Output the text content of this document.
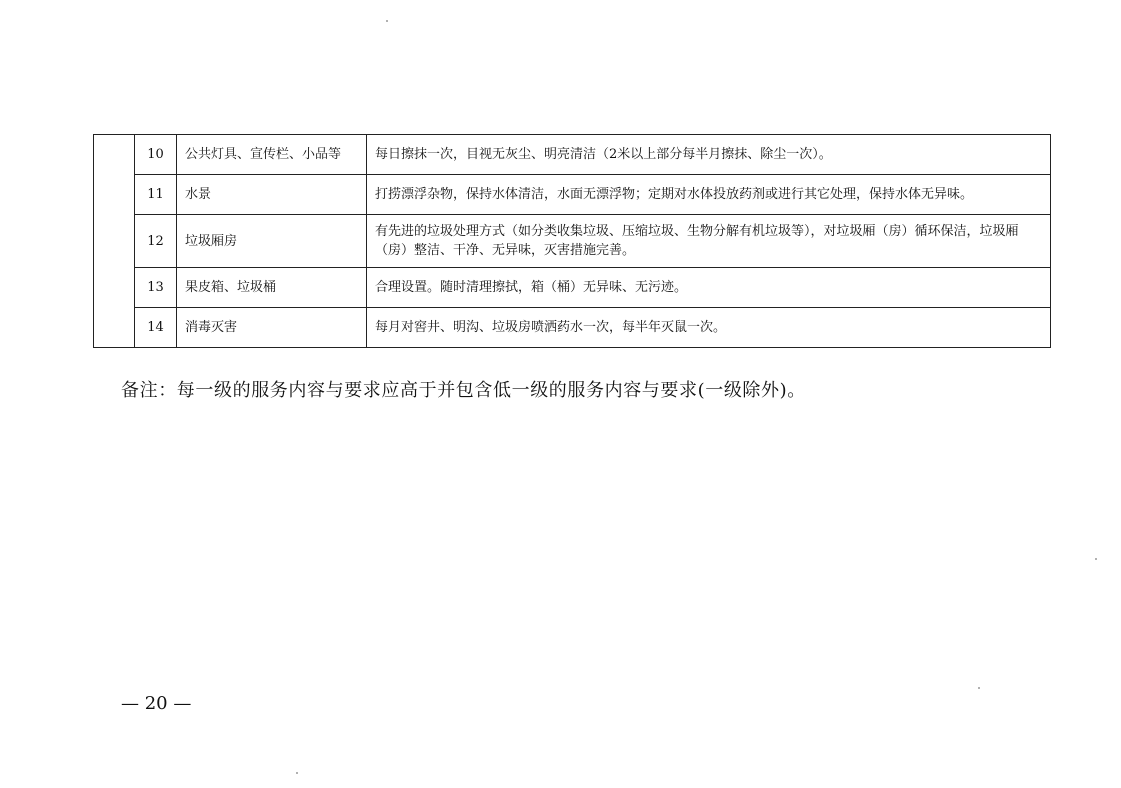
	10	公共灯具、宣传栏、小品等	每日擦抹一次，目视无灰尘、明亮清洁（2米以上部分每半月擦抹、除尘一次）。
	11	水景	打捞漂浮杂物，保持水体清洁，水面无漂浮物；定期对水体投放药剂或进行其它处理，保持水体无异味。
	12	垃圾厢房	有先进的垃圾处理方式（如分类收集垃圾、压缩垃圾、生物分解有机垃圾等），对垃圾厢（房）循环保洁，垃圾厢（房）整洁、干净、无异味，灭害措施完善。
	13	果皮箱、垃圾桶	合理设置。随时清理擦拭，箱（桶）无异味、无污迹。
	14	消毒灭害	每月对窖井、明沟、垃圾房喷洒药水一次，每半年灭鼠一次。
备注：每一级的服务内容与要求应高于并包含低一级的服务内容与要求(一级除外)。
— 20 —
